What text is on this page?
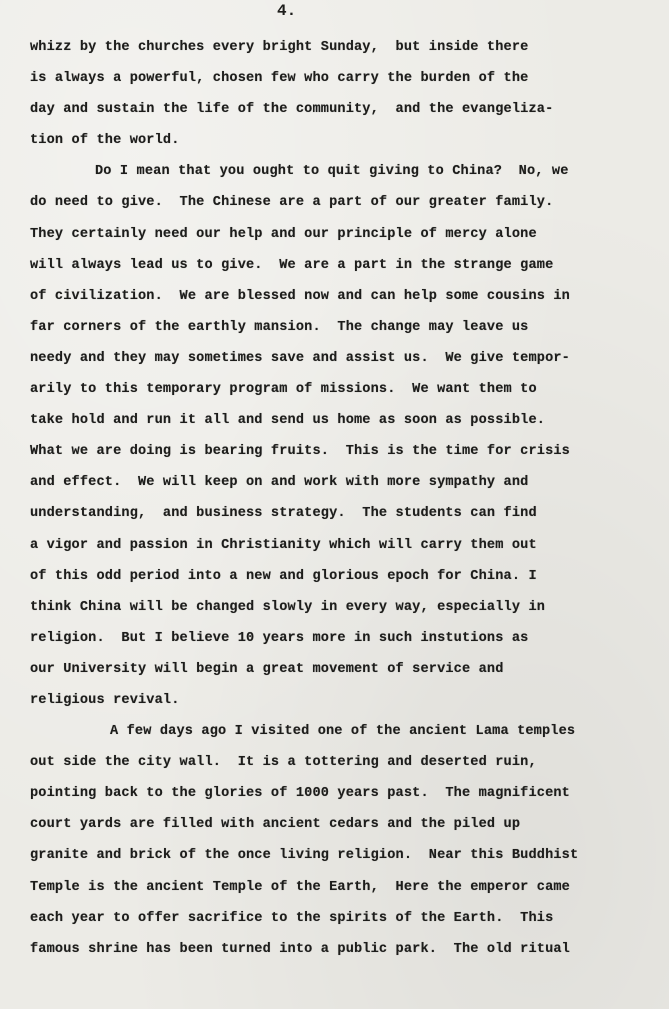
4.
whizz by the churches every bright Sunday,  but inside there
is always a powerful, chosen few who carry the burden of the
day and sustain the life of the community,  and the evangeliza-
tion of the world.
Do I mean that you ought to quit giving to China?  No, we
do need to give.  The Chinese are a part of our greater family.
They certainly need our help and our principle of mercy alone
will always lead us to give.  We are a part in the strange game
of civilization.  We are blessed now and can help some cousins in
far corners of the earthly mansion.  The change may leave us
needy and they may sometimes save and assist us.  We give tempor-
arily to this temporary program of missions.  We want them to
take hold and run it all and send us home as soon as possible.
What we are doing is bearing fruits.  This is the time for crisis
and effect.  We will keep on and work with more sympathy and
understanding,  and business strategy.  The students can find
a vigor and passion in Christianity which will carry them out
of this odd period into a new and glorious epoch for China. I
think China will be changed slowly in every way, especially in
religion.  But I believe 10 years more in such instutions as
our University will begin a great movement of service and
religious revival.
A few days ago I visited one of the ancient Lama temples
out side the city wall.  It is a tottering and deserted ruin,
pointing back to the glories of 1000 years past.  The magnificent
court yards are filled with ancient cedars and the piled up
granite and brick of the once living religion.  Near this Buddhist
Temple is the ancient Temple of the Earth,  Here the emperor came
each year to offer sacrifice to the spirits of the Earth.  This
famous shrine has been turned into a public park.  The old ritual
